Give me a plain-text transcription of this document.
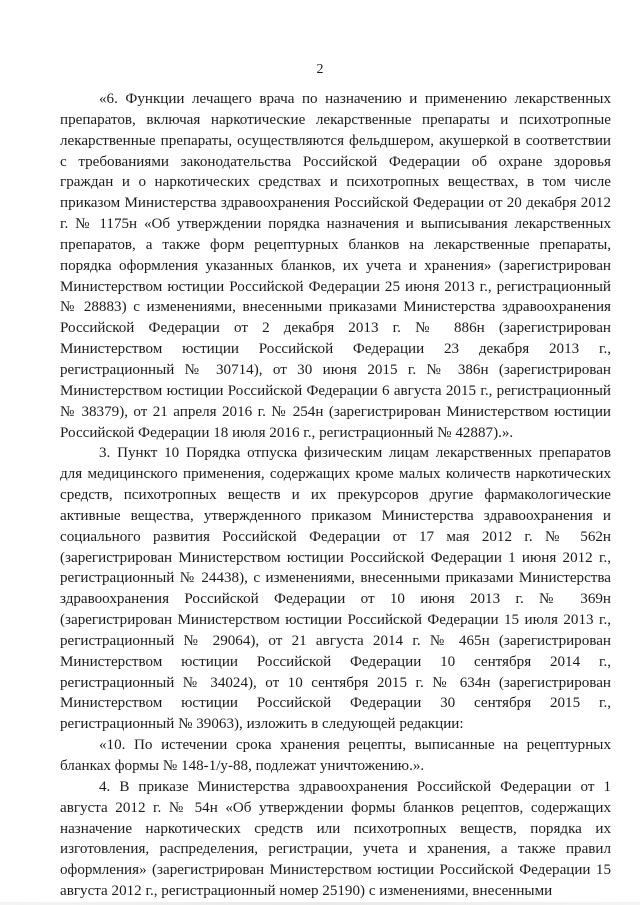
2

«6. Функции лечащего врача по назначению и применению лекарственных препаратов, включая наркотические лекарственные препараты и психотропные лекарственные препараты, осуществляются фельдшером, акушеркой в соответствии с требованиями законодательства Российской Федерации об охране здоровья граждан и о наркотических средствах и психотропных веществах, в том числе приказом Министерства здравоохранения Российской Федерации от 20 декабря 2012 г. № 1175н «Об утверждении порядка назначения и выписывания лекарственных препаратов, а также форм рецептурных бланков на лекарственные препараты, порядка оформления указанных бланков, их учета и хранения» (зарегистрирован Министерством юстиции Российской Федерации 25 июня 2013 г., регистрационный № 28883) с изменениями, внесенными приказами Министерства здравоохранения Российской Федерации от 2 декабря 2013 г. № 886н (зарегистрирован Министерством юстиции Российской Федерации 23 декабря 2013 г., регистрационный № 30714), от 30 июня 2015 г. № 386н (зарегистрирован Министерством юстиции Российской Федерации 6 августа 2015 г., регистрационный № 38379), от 21 апреля 2016 г. № 254н (зарегистрирован Министерством юстиции Российской Федерации 18 июля 2016 г., регистрационный № 42887).».

3. Пункт 10 Порядка отпуска физическим лицам лекарственных препаратов для медицинского применения, содержащих кроме малых количеств наркотических средств, психотропных веществ и их прекурсоров другие фармакологические активные вещества, утвержденного приказом Министерства здравоохранения и социального развития Российской Федерации от 17 мая 2012 г. № 562н (зарегистрирован Министерством юстиции Российской Федерации 1 июня 2012 г., регистрационный № 24438), с изменениями, внесенными приказами Министерства здравоохранения Российской Федерации от 10 июня 2013 г. № 369н (зарегистрирован Министерством юстиции Российской Федерации 15 июля 2013 г., регистрационный № 29064), от 21 августа 2014 г. № 465н (зарегистрирован Министерством юстиции Российской Федерации 10 сентября 2014 г., регистрационный № 34024), от 10 сентября 2015 г. № 634н (зарегистрирован Министерством юстиции Российской Федерации 30 сентября 2015 г., регистрационный № 39063), изложить в следующей редакции:

«10. По истечении срока хранения рецепты, выписанные на рецептурных бланках формы № 148-1/у-88, подлежат уничтожению.».

4. В приказе Министерства здравоохранения Российской Федерации от 1 августа 2012 г. № 54н «Об утверждении формы бланков рецептов, содержащих назначение наркотических средств или психотропных веществ, порядка их изготовления, распределения, регистрации, учета и хранения, а также правил оформления» (зарегистрирован Министерством юстиции Российской Федерации 15 августа 2012 г., регистрационный номер 25190) с изменениями, внесенными
